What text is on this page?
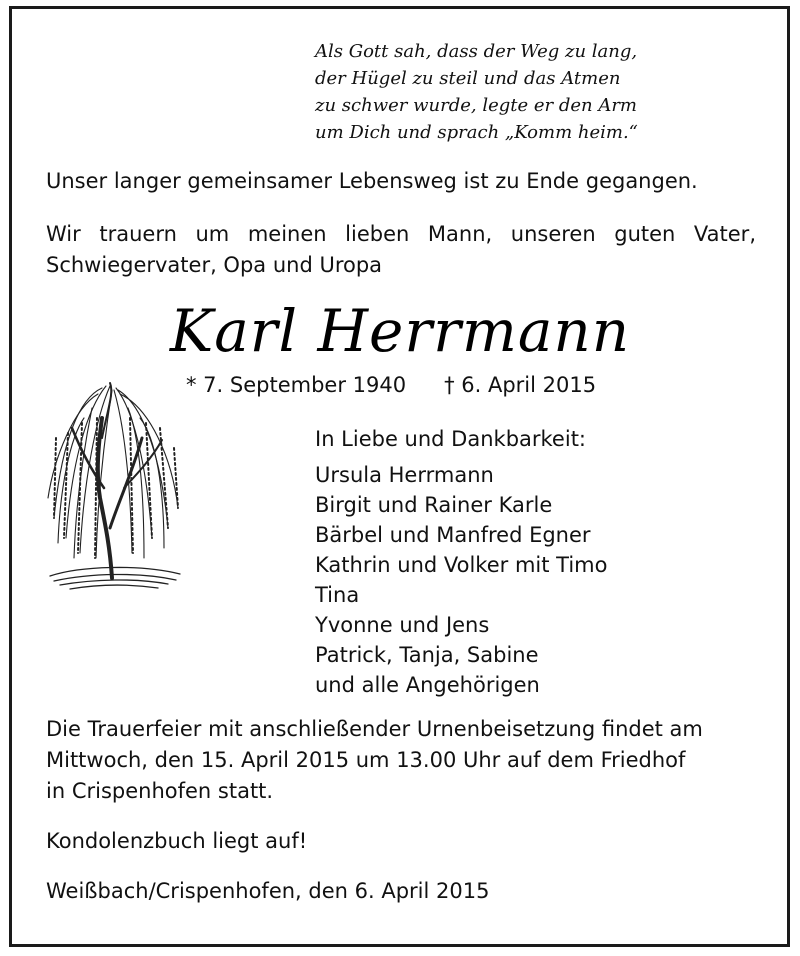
Als Gott sah, dass der Weg zu lang,
der Hügel zu steil und das Atmen
zu schwer wurde, legte er den Arm
um Dich und sprach „Komm heim.“
Unser langer gemeinsamer Lebensweg ist zu Ende gegangen.
Wir trauern um meinen lieben Mann, unseren guten Vater,
Schwiegervater, Opa und Uropa
Karl Herrmann
* 7. September 1940 † 6. April 2015
In Liebe und Dankbarkeit:
Ursula Herrmann
Birgit und Rainer Karle
Bärbel und Manfred Egner
Kathrin und Volker mit Timo
Tina
Yvonne und Jens
Patrick, Tanja, Sabine
und alle Angehörigen
Die Trauerfeier mit anschließender Urnenbeisetzung findet am
Mittwoch, den 15. April 2015 um 13.00 Uhr auf dem Friedhof
in Crispenhofen statt.
Kondolenzbuch liegt auf!
Weißbach/Crispenhofen, den 6. April 2015
